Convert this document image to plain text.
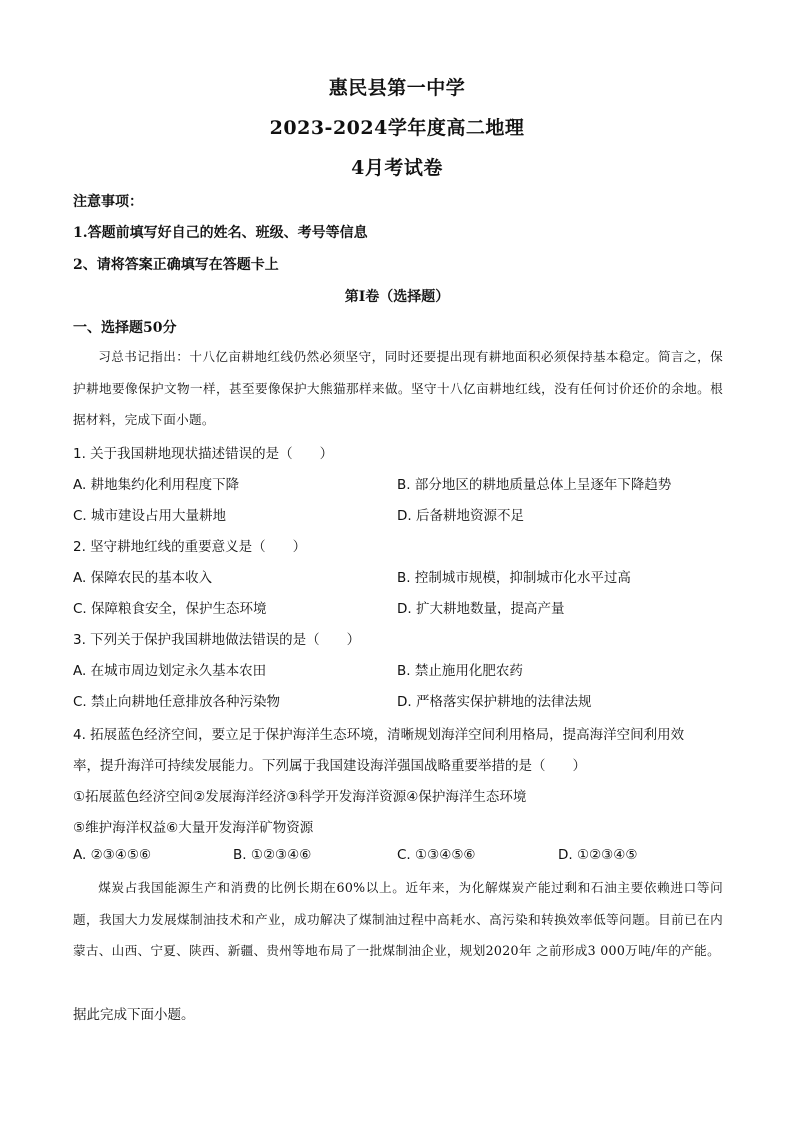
惠民县第一中学
2023-2024学年度高二地理
4月考试卷
注意事项：
1.答题前填写好自己的姓名、班级、考号等信息
2、请将答案正确填写在答题卡上
第I卷（选择题）
一、选择题50分
习总书记指出：十八亿亩耕地红线仍然必须坚守，同时还要提出现有耕地面积必须保持基本稳定。简言之，保护耕地要像保护文物一样，甚至要像保护大熊猫那样来做。坚守十八亿亩耕地红线，没有任何讨价还价的余地。根据材料，完成下面小题。
1. 关于我国耕地现状描述错误的是（　　）
A. 耕地集约化利用程度下降	B. 部分地区的耕地质量总体上呈逐年下降趋势
C. 城市建设占用大量耕地	D. 后备耕地资源不足
2. 坚守耕地红线的重要意义是（　　）
A. 保障农民的基本收入	B. 控制城市规模，抑制城市化水平过高
C. 保障粮食安全，保护生态环境	D. 扩大耕地数量，提高产量
3. 下列关于保护我国耕地做法错误的是（　　）
A. 在城市周边划定永久基本农田	B. 禁止施用化肥农药
C. 禁止向耕地任意排放各种污染物	D. 严格落实保护耕地的法律法规
4. 拓展蓝色经济空间，要立足于保护海洋生态环境，清晰规划海洋空间利用格局，提高海洋空间利用效
率，提升海洋可持续发展能力。下列属于我国建设海洋强国战略重要举措的是（　　）
①拓展蓝色经济空间②发展海洋经济③科学开发海洋资源④保护海洋生态环境
⑤维护海洋权益⑥大量开发海洋矿物资源
A. ②③④⑤⑥	B. ①②③④⑥	C. ①③④⑤⑥	D. ①②③④⑤
煤炭占我国能源生产和消费的比例长期在60%以上。近年来，为化解煤炭产能过剩和石油主要依赖进口等问题，我国大力发展煤制油技术和产业，成功解决了煤制油过程中高耗水、高污染和转换效率低等问题。目前已在内蒙古、山西、宁夏、陕西、新疆、贵州等地布局了一批煤制油企业，规划2020年 之前形成3 000万吨/年的产能。
据此完成下面小题。
